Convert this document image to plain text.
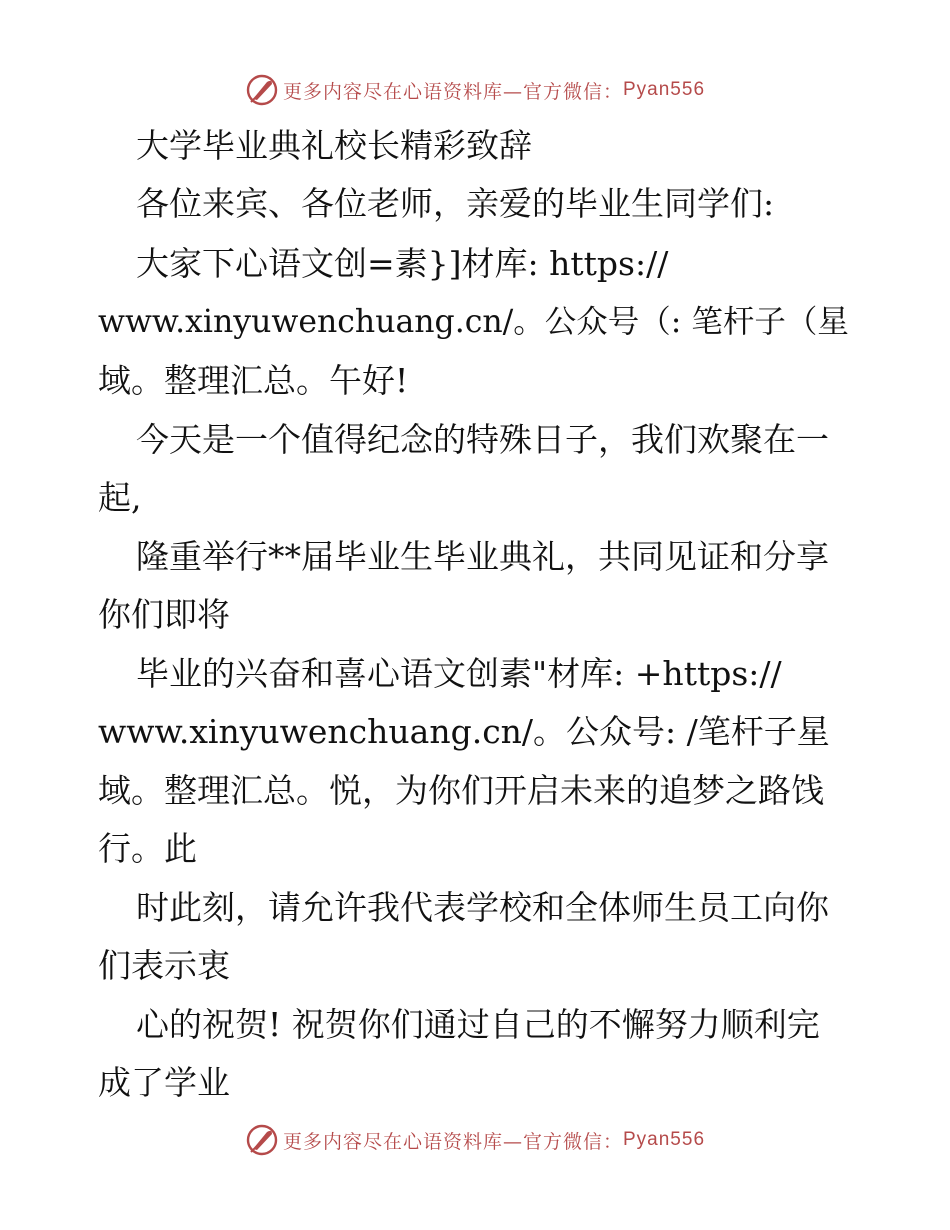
更多内容尽在心语资料库—官方微信： Pyan556
大学毕业典礼校长精彩致辞
各位来宾、各位老师，亲爱的毕业生同学们:
大家下心语文创=素}]材库: https://
www.xinyuwenchuang.cn/。公众号（: 笔杆子（星
域。整理汇总。午好!
今天是一个值得纪念的特殊日子，我们欢聚在一
起,
隆重举行**届毕业生毕业典礼，共同见证和分享
你们即将
毕业的兴奋和喜心语文创素"材库: +https://
www.xinyuwenchuang.cn/。公众号: /笔杆子星
域。整理汇总。悦，为你们开启未来的追梦之路饯
行。此
时此刻，请允许我代表学校和全体师生员工向你
们表示衷
心的祝贺! 祝贺你们通过自己的不懈努力顺利完
成了学业
更多内容尽在心语资料库—官方微信： Pyan556
